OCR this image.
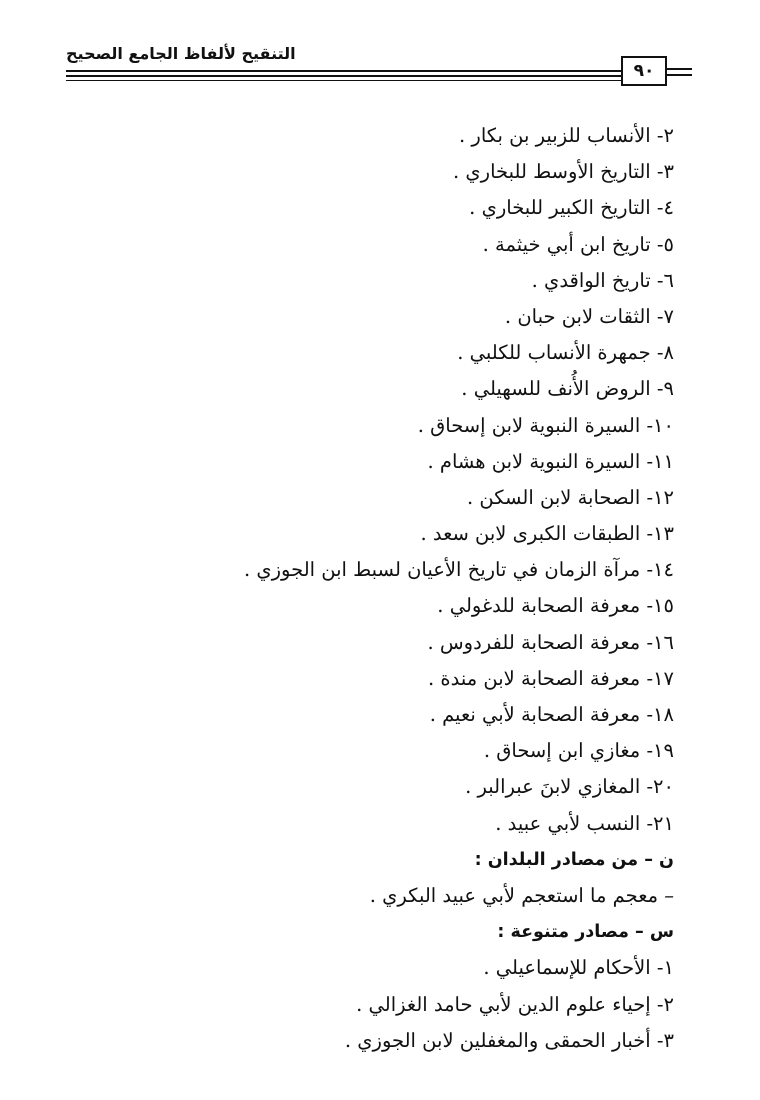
التنقيح لألفاظ الجامع الصحيح
٩٠
٢- الأنساب للزبير بن بكار .
٣- التاريخ الأوسط للبخاري .
٤- التاريخ الكبير للبخاري .
٥- تاريخ ابن أبي خيثمة .
٦- تاريخ الواقدي .
٧- الثقات لابن حبان .
٨- جمهرة الأنساب للكلبي .
٩- الروض الأُنف للسهيلي .
١٠- السيرة النبوية لابن إسحاق .
١١- السيرة النبوية لابن هشام .
١٢- الصحابة لابن السكن .
١٣- الطبقات الكبرى لابن سعد .
١٤- مرآة الزمان في تاريخ الأعيان لسبط ابن الجوزي .
١٥- معرفة الصحابة للدغولي .
١٦- معرفة الصحابة للفردوس .
١٧- معرفة الصحابة لابن مندة .
١٨- معرفة الصحابة لأبي نعيم .
١٩- مغازي ابن إسحاق .
٢٠- المغازي لابنَ عبرالبر .
٢١- النسب لأبي عبيد .
ن – من مصادر البلدان :
– معجم ما استعجم لأبي عبيد البكري .
س – مصادر متنوعة :
١- الأحكام للإسماعيلي .
٢- إحياء علوم الدين لأبي حامد الغزالي .
٣- أخبار الحمقى والمغفلين لابن الجوزي .
